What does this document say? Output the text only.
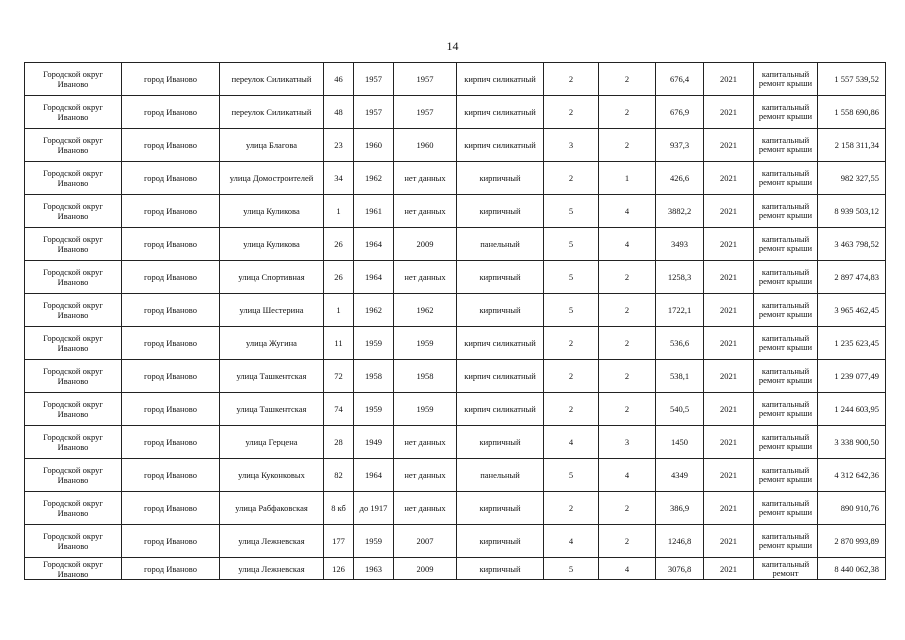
14
Городской округ Иваново	город Иваново	переулок Силикатный	46	1957	1957	кирпич силикатный	2	2	676,4	2021	капитальный ремонт крыши	1 557 539,52
Городской округ Иваново	город Иваново	переулок Силикатный	48	1957	1957	кирпич силикатный	2	2	676,9	2021	капитальный ремонт крыши	1 558 690,86
Городской округ Иваново	город Иваново	улица Благова	23	1960	1960	кирпич силикатный	3	2	937,3	2021	капитальный ремонт крыши	2 158 311,34
Городской округ Иваново	город Иваново	улица Домостроителей	34	1962	нет данных	кирпичный	2	1	426,6	2021	капитальный ремонт крыши	982 327,55
Городской округ Иваново	город Иваново	улица Куликова	1	1961	нет данных	кирпичный	5	4	3882,2	2021	капитальный ремонт крыши	8 939 503,12
Городской округ Иваново	город Иваново	улица Куликова	26	1964	2009	панельный	5	4	3493	2021	капитальный ремонт крыши	3 463 798,52
Городской округ Иваново	город Иваново	улица Спортивная	26	1964	нет данных	кирпичный	5	2	1258,3	2021	капитальный ремонт крыши	2 897 474,83
Городской округ Иваново	город Иваново	улица Шестерина	1	1962	1962	кирпичный	5	2	1722,1	2021	капитальный ремонт крыши	3 965 462,45
Городской округ Иваново	город Иваново	улица Жугина	11	1959	1959	кирпич силикатный	2	2	536,6	2021	капитальный ремонт крыши	1 235 623,45
Городской округ Иваново	город Иваново	улица Ташкентская	72	1958	1958	кирпич силикатный	2	2	538,1	2021	капитальный ремонт крыши	1 239 077,49
Городской округ Иваново	город Иваново	улица Ташкентская	74	1959	1959	кирпич силикатный	2	2	540,5	2021	капитальный ремонт крыши	1 244 603,95
Городской округ Иваново	город Иваново	улица Герцена	28	1949	нет данных	кирпичный	4	3	1450	2021	капитальный ремонт крыши	3 338 900,50
Городской округ Иваново	город Иваново	улица Куконковых	82	1964	нет данных	панельный	5	4	4349	2021	капитальный ремонт крыши	4 312 642,36
Городской округ Иваново	город Иваново	улица Рабфаковская	8 кб	до 1917	нет данных	кирпичный	2	2	386,9	2021	капитальный ремонт крыши	890 910,76
Городской округ Иваново	город Иваново	улица Лежневская	177	1959	2007	кирпичный	4	2	1246,8	2021	капитальный ремонт крыши	2 870 993,89
Городской округ Иваново	город Иваново	улица Лежневская	126	1963	2009	кирпичный	5	4	3076,8	2021	капитальный ремонт	8 440 062,38
